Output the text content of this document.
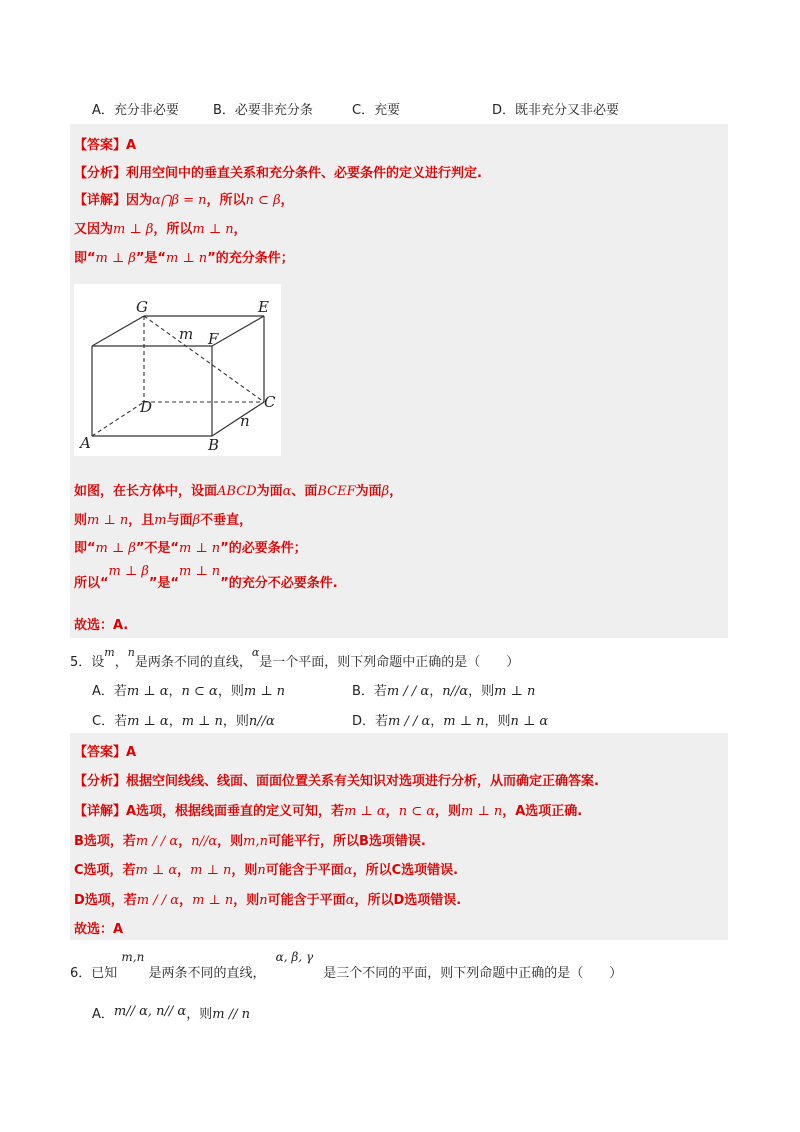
A．充分非必要	B．必要非充分条	C．充要	D．既非充分又非必要
【答案】A
【分析】利用空间中的垂直关系和充分条件、必要条件的定义进行判定.
【详解】因为α⋂β = n，所以n ⊂ β，
又因为m ⊥ β，所以m ⊥ n，
即“m ⊥ β”是“m ⊥ n”的充分条件；
G	E
m F
D	C
n
A	B
如图，在长方体中，设面ABCD为面α、面BCEF为面β，
则m ⊥ n，且m与面β不垂直，
即“m ⊥ β”不是“m ⊥ n”的必要条件；
所以“m ⊥ β”是“m ⊥ n”的充分不必要条件.
故选：A.
5．设$^m$，$^n$是两条不同的直线，$^\alpha$是一个平面，则下列命题中正确的是（　　）
A．若m ⊥ α，n ⊂ α，则m ⊥ n	B．若m / / α，n//α，则m ⊥ n
C．若m ⊥ α，m ⊥ n，则n//α	D．若m / / α，m ⊥ n，则n ⊥ α
【答案】A
【分析】根据空间线线、线面、面面位置关系有关知识对选项进行分析，从而确定正确答案.
【详解】A选项，根据线面垂直的定义可知，若m ⊥ α，n ⊂ α，则m ⊥ n，A选项正确.
B选项，若m / / α，n//α，则m,n可能平行，所以B选项错误.
C选项，若m ⊥ α，m ⊥ n，则n可能含于平面α，所以C选项错误.
D选项，若m / / α，m ⊥ n，则n可能含于平面α，所以D选项错误.
故选：A
6．已知 m,n 是两条不同的直线， α, β, γ 是三个不同的平面，则下列命题中正确的是（　　）
A．m// α, n// α，则m // n
